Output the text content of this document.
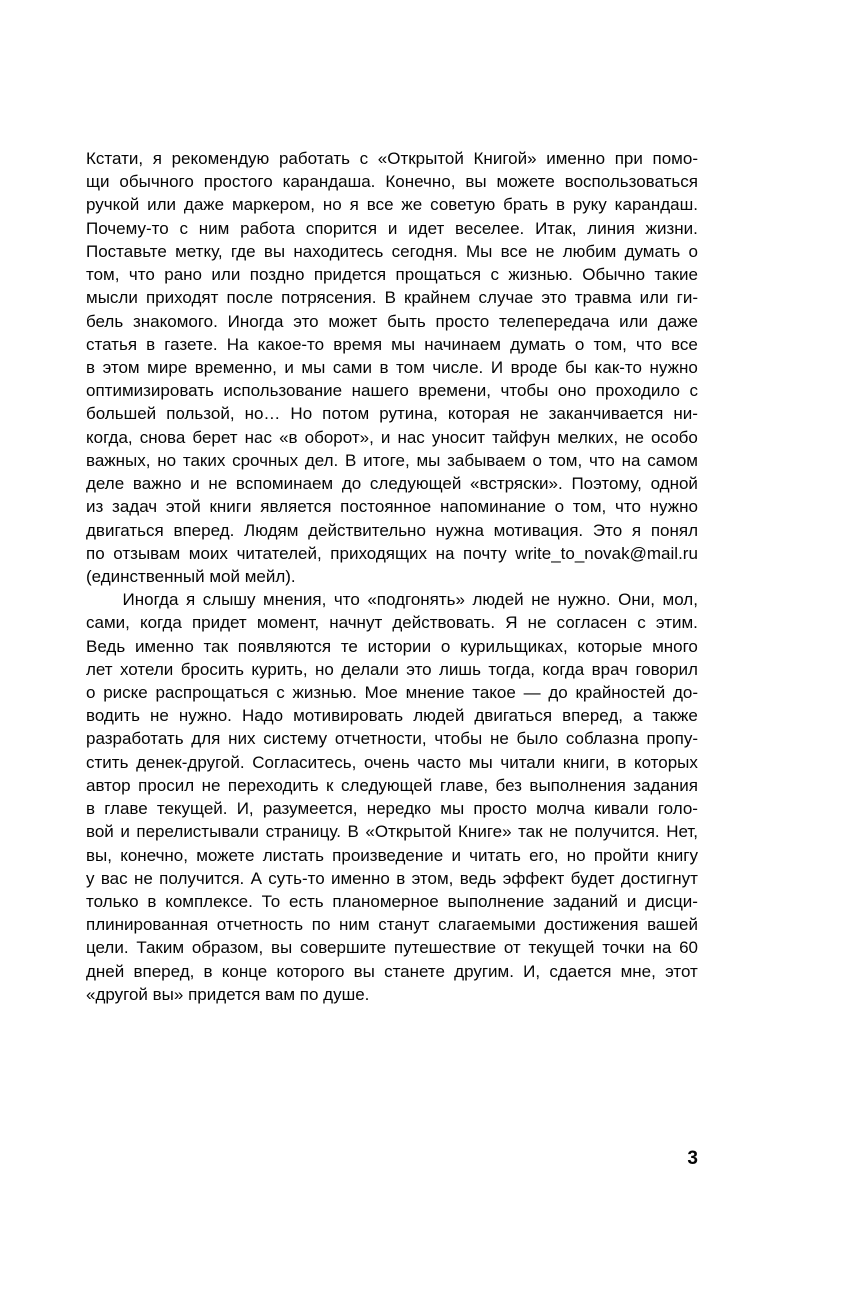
Кстати, я рекомендую работать с «Открытой Книгой» именно при помо-
щи обычного простого карандаша. Конечно, вы можете воспользоваться
ручкой или даже маркером, но я все же советую брать в руку карандаш.
Почему-то с ним работа спорится и идет веселее. Итак, линия жизни.
Поставьте метку, где вы находитесь сегодня. Мы все не любим думать о
том, что рано или поздно придется прощаться с жизнью. Обычно такие
мысли приходят после потрясения. В крайнем случае это травма или ги-
бель знакомого. Иногда это может быть просто телепередача или даже
статья в газете. На какое-то время мы начинаем думать о том, что все
в этом мире временно, и мы сами в том числе. И вроде бы как-то нужно
оптимизировать использование нашего времени, чтобы оно проходило с
большей пользой, но… Но потом рутина, которая не заканчивается ни-
когда, снова берет нас «в оборот», и нас уносит тайфун мелких, не особо
важных, но таких срочных дел. В итоге, мы забываем о том, что на самом
деле важно и не вспоминаем до следующей «встряски». Поэтому, одной
из задач этой книги является постоянное напоминание о том, что нужно
двигаться вперед. Людям действительно нужна мотивация. Это я понял
по отзывам моих читателей, приходящих на почту write_to_novak@mail.ru
(единственный мой мейл).
Иногда я слышу мнения, что «подгонять» людей не нужно. Они, мол,
сами, когда придет момент, начнут действовать. Я не согласен с этим.
Ведь именно так появляются те истории о курильщиках, которые много
лет хотели бросить курить, но делали это лишь тогда, когда врач говорил
о риске распрощаться с жизнью. Мое мнение такое — до крайностей до-
водить не нужно. Надо мотивировать людей двигаться вперед, а также
разработать для них систему отчетности, чтобы не было соблазна пропу-
стить денек-другой. Согласитесь, очень часто мы читали книги, в которых
автор просил не переходить к следующей главе, без выполнения задания
в главе текущей. И, разумеется, нередко мы просто молча кивали голо-
вой и перелистывали страницу. В «Открытой Книге» так не получится. Нет,
вы, конечно, можете листать произведение и читать его, но пройти книгу
у вас не получится. А суть-то именно в этом, ведь эффект будет достигнут
только в комплексе. То есть планомерное выполнение заданий и дисци-
плинированная отчетность по ним станут слагаемыми достижения вашей
цели. Таким образом, вы совершите путешествие от текущей точки на 60
дней вперед, в конце которого вы станете другим. И, сдается мне, этот
«другой вы» придется вам по душе.
3
